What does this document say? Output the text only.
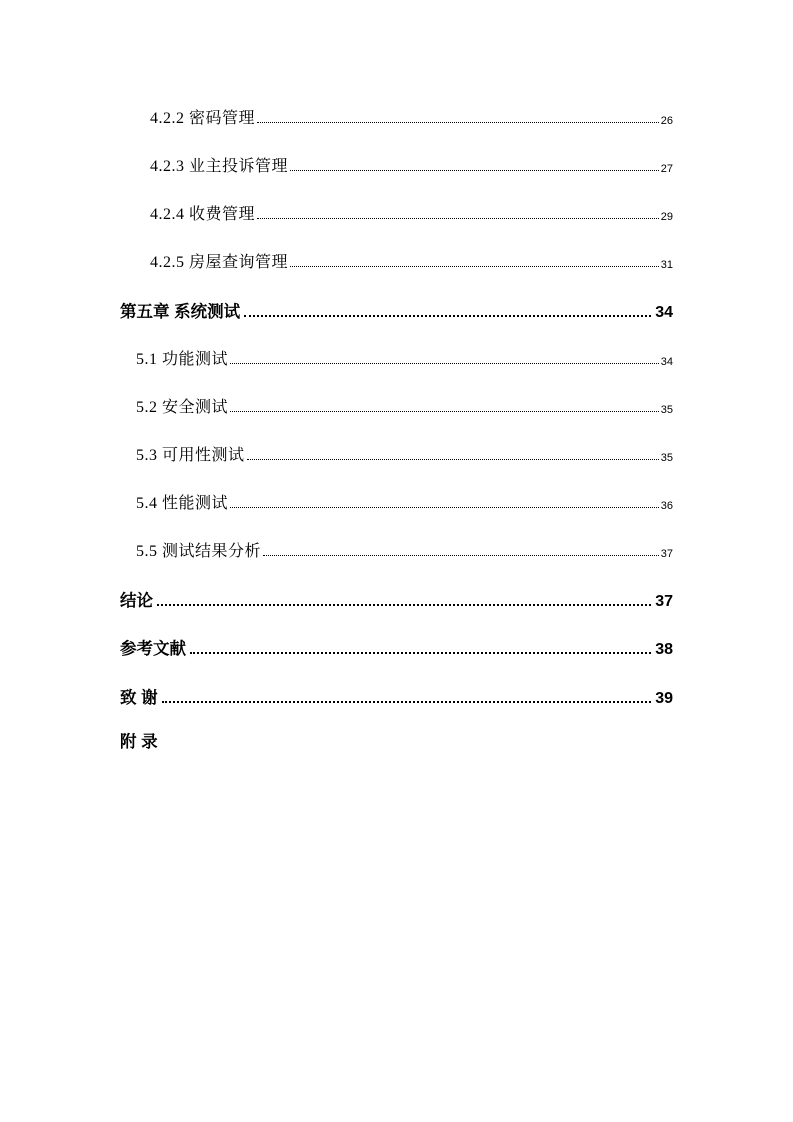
4.2.2 密码管理	26
4.2.3 业主投诉管理	27
4.2.4 收费管理	29
4.2.5 房屋查询管理	31
第五章 系统测试	34
5.1 功能测试	34
5.2 安全测试	35
5.3 可用性测试	35
5.4 性能测试	36
5.5 测试结果分析	37
结论	37
参考文献	38
致 谢	39
附 录
